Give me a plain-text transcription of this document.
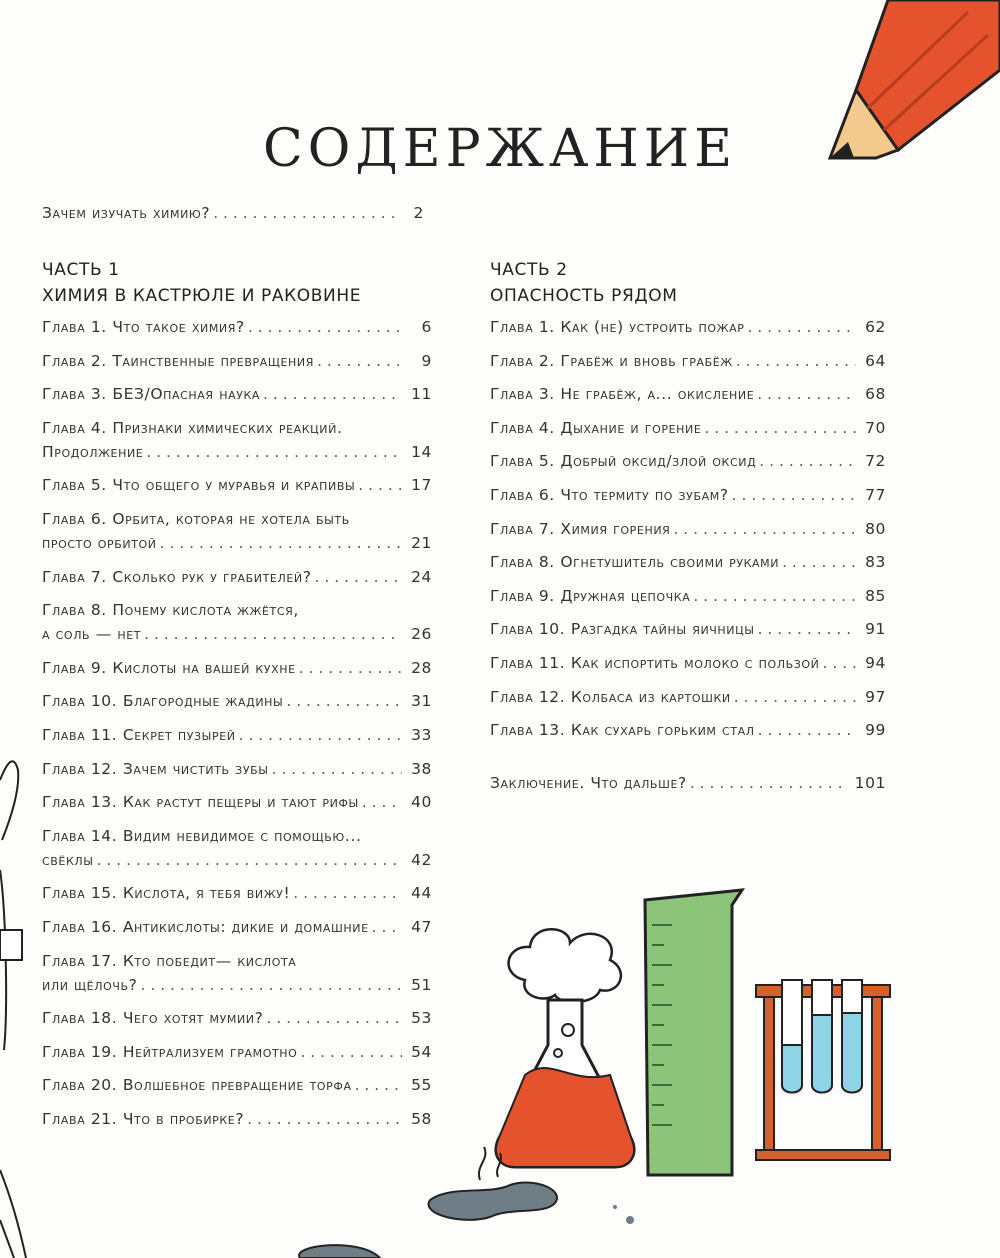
СОДЕРЖАНИЕ
ЧАСТЬ 1
ХИМИЯ В КАСТРЮЛЕ И РАКОВИНЕ
Глава 1. Что такое химия? . . .	6
Глава 2. Таинственные превращения . . .	9
Глава 3. БЕЗ/Опасная наука . . .	11
Глава 4. Признаки химических реакций.
Продолжение . . .	14
Глава 5. Что общего у муравья и крапивы . . .	17
Глава 6. Орбита, которая не хотела быть
просто орбитой . . .	21
Глава 7. Сколько рук у грабителей? . . .	24
Глава 8. Почему кислота жжётся,
а соль — нет . . .	26
Глава 9. Кислоты на вашей кухне . . .	28
Глава 10. Благородные жадины . . .	31
Глава 11. Секрет пузырей . . .	33
Глава 12. Зачем чистить зубы . . .	38
Глава 13. Как растут пещеры и тают рифы . . .	40
Глава 14. Видим невидимое с помощью...
свёклы . . .	42
Глава 15. Кислота, я тебя вижу! . . .	44
Глава 16. Антикислоты: дикие и домашние . . .	47
Глава 17. Кто победит— кислота
или щёлочь? . . .	51
Глава 18. Чего хотят мумии? . . .	53
Глава 19. Нейтрализуем грамотно . . .	54
Глава 20. Волшебное превращение торфа . . .	55
Глава 21. Что в пробирке? . . .	58
ЧАСТЬ 2
ОПАСНОСТЬ РЯДОМ
Глава 1. Как (не) устроить пожар . . .	62
Глава 2. Грабёж и вновь грабёж . . .	64
Глава 3. Не грабёж, а... окисление . . .	68
Глава 4. Дыхание и горение . . .	70
Глава 5. Добрый оксид/злой оксид . . .	72
Глава 6. Что термиту по зубам? . . .	77
Глава 7. Химия горения . . .	80
Глава 8. Огнетушитель своими руками . . .	83
Глава 9. Дружная цепочка . . .	85
Глава 10. Разгадка тайны яичницы . . .	91
Глава 11. Как испортить молоко с пользой . . .	94
Глава 12. Колбаса из картошки . . .	97
Глава 13. Как сухарь горьким стал . . .	99
Зачем изучать химию? . . .	2
Заключение. Что дальше? . . .	101
